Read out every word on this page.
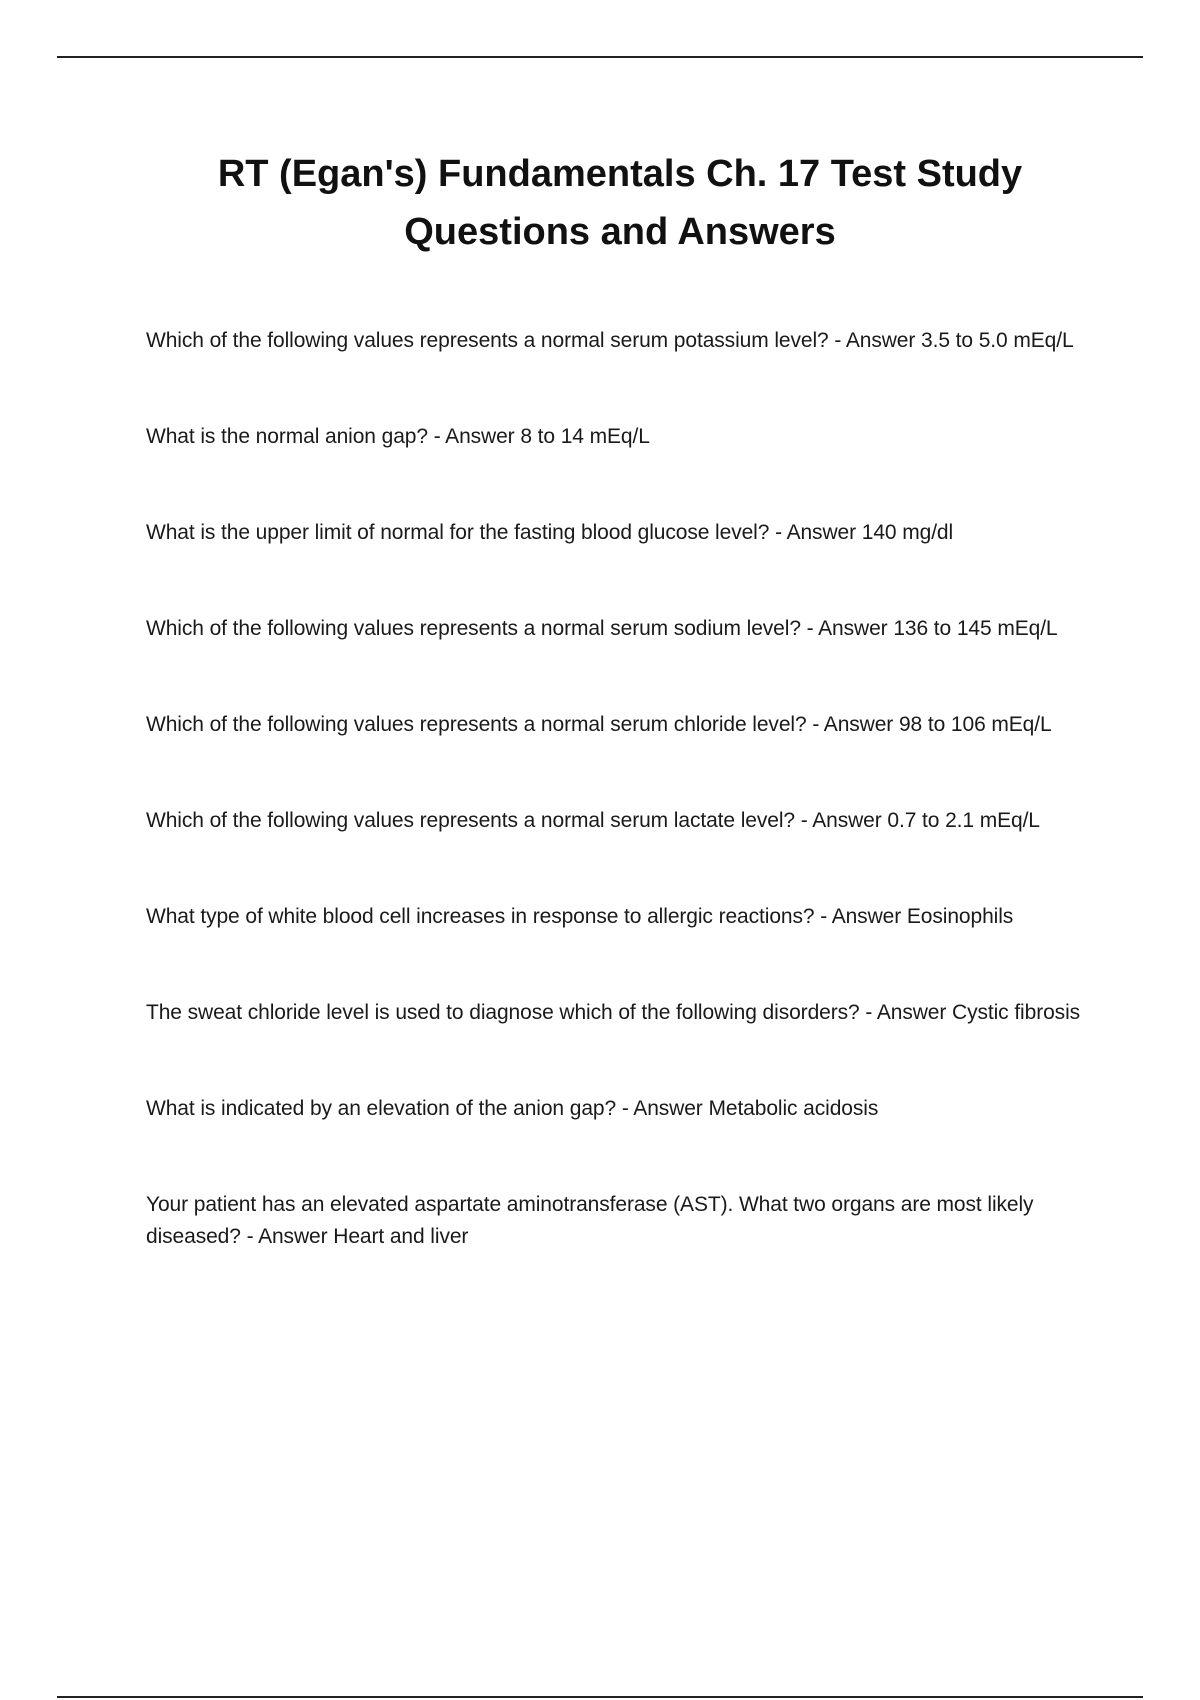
RT (Egan's) Fundamentals Ch. 17 Test Study Questions and Answers
Which of the following values represents a normal serum potassium level? - Answer 3.5 to 5.0 mEq/L
What is the normal anion gap? - Answer 8 to 14 mEq/L
What is the upper limit of normal for the fasting blood glucose level? - Answer 140 mg/dl
Which of the following values represents a normal serum sodium level? - Answer 136 to 145 mEq/L
Which of the following values represents a normal serum chloride level? - Answer 98 to 106 mEq/L
Which of the following values represents a normal serum lactate level? - Answer 0.7 to 2.1 mEq/L
What type of white blood cell increases in response to allergic reactions? - Answer Eosinophils
The sweat chloride level is used to diagnose which of the following disorders? - Answer Cystic fibrosis
What is indicated by an elevation of the anion gap? - Answer Metabolic acidosis
Your patient has an elevated aspartate aminotransferase (AST). What two organs are most likely diseased? - Answer Heart and liver
